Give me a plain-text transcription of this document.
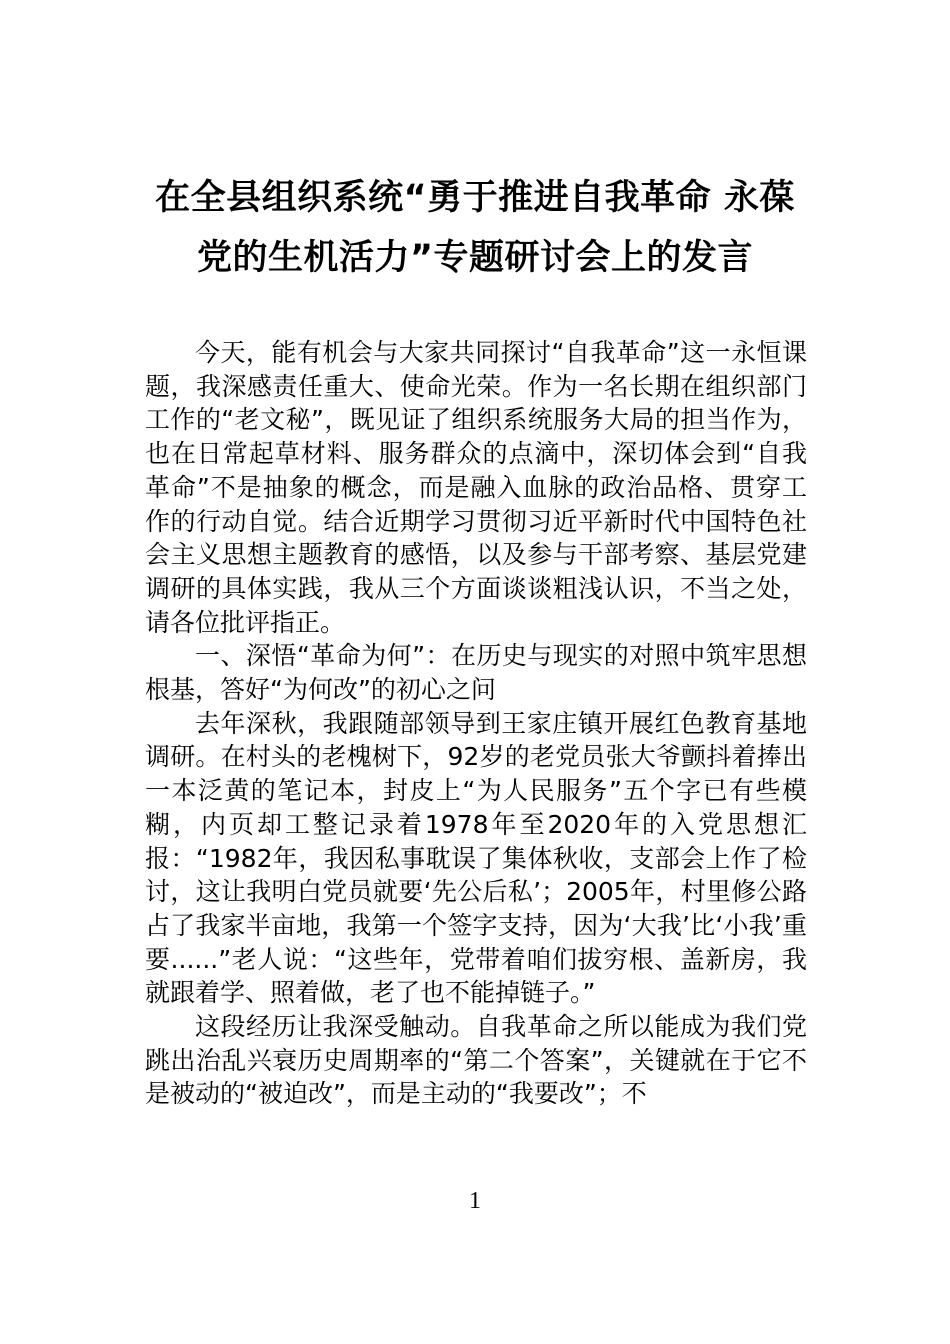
在全县组织系统“勇于推进自我革命 永葆
党的生机活力”专题研讨会上的发言

今天，能有机会与大家共同探讨“自我革命”这一永恒课题，我深感责任重大、使命光荣。作为一名长期在组织部门工作的“老文秘”，既见证了组织系统服务大局的担当作为，也在日常起草材料、服务群众的点滴中，深切体会到“自我革命”不是抽象的概念，而是融入血脉的政治品格、贯穿工作的行动自觉。结合近期学习贯彻习近平新时代中国特色社会主义思想主题教育的感悟，以及参与干部考察、基层党建调研的具体实践，我从三个方面谈谈粗浅认识，不当之处，请各位批评指正。

一、深悟“革命为何”：在历史与现实的对照中筑牢思想根基，答好“为何改”的初心之问

去年深秋，我跟随部领导到王家庄镇开展红色教育基地调研。在村头的老槐树下，92岁的老党员张大爷颤抖着捧出一本泛黄的笔记本，封皮上“为人民服务”五个字已有些模糊，内页却工整记录着1978年至2020年的入党思想汇报：“1982年，我因私事耽误了集体秋收，支部会上作了检讨，这让我明白党员就要‘先公后私’；2005年，村里修公路占了我家半亩地，我第一个签字支持，因为‘大我’比‘小我’重要......”老人说：“这些年，党带着咱们拔穷根、盖新房，我就跟着学、照着做，老了也不能掉链子。”

这段经历让我深受触动。自我革命之所以能成为我们党跳出治乱兴衰历史周期率的“第二个答案”，关键就在于它不是被动的“被迫改”，而是主动的“我要改”；不

1
